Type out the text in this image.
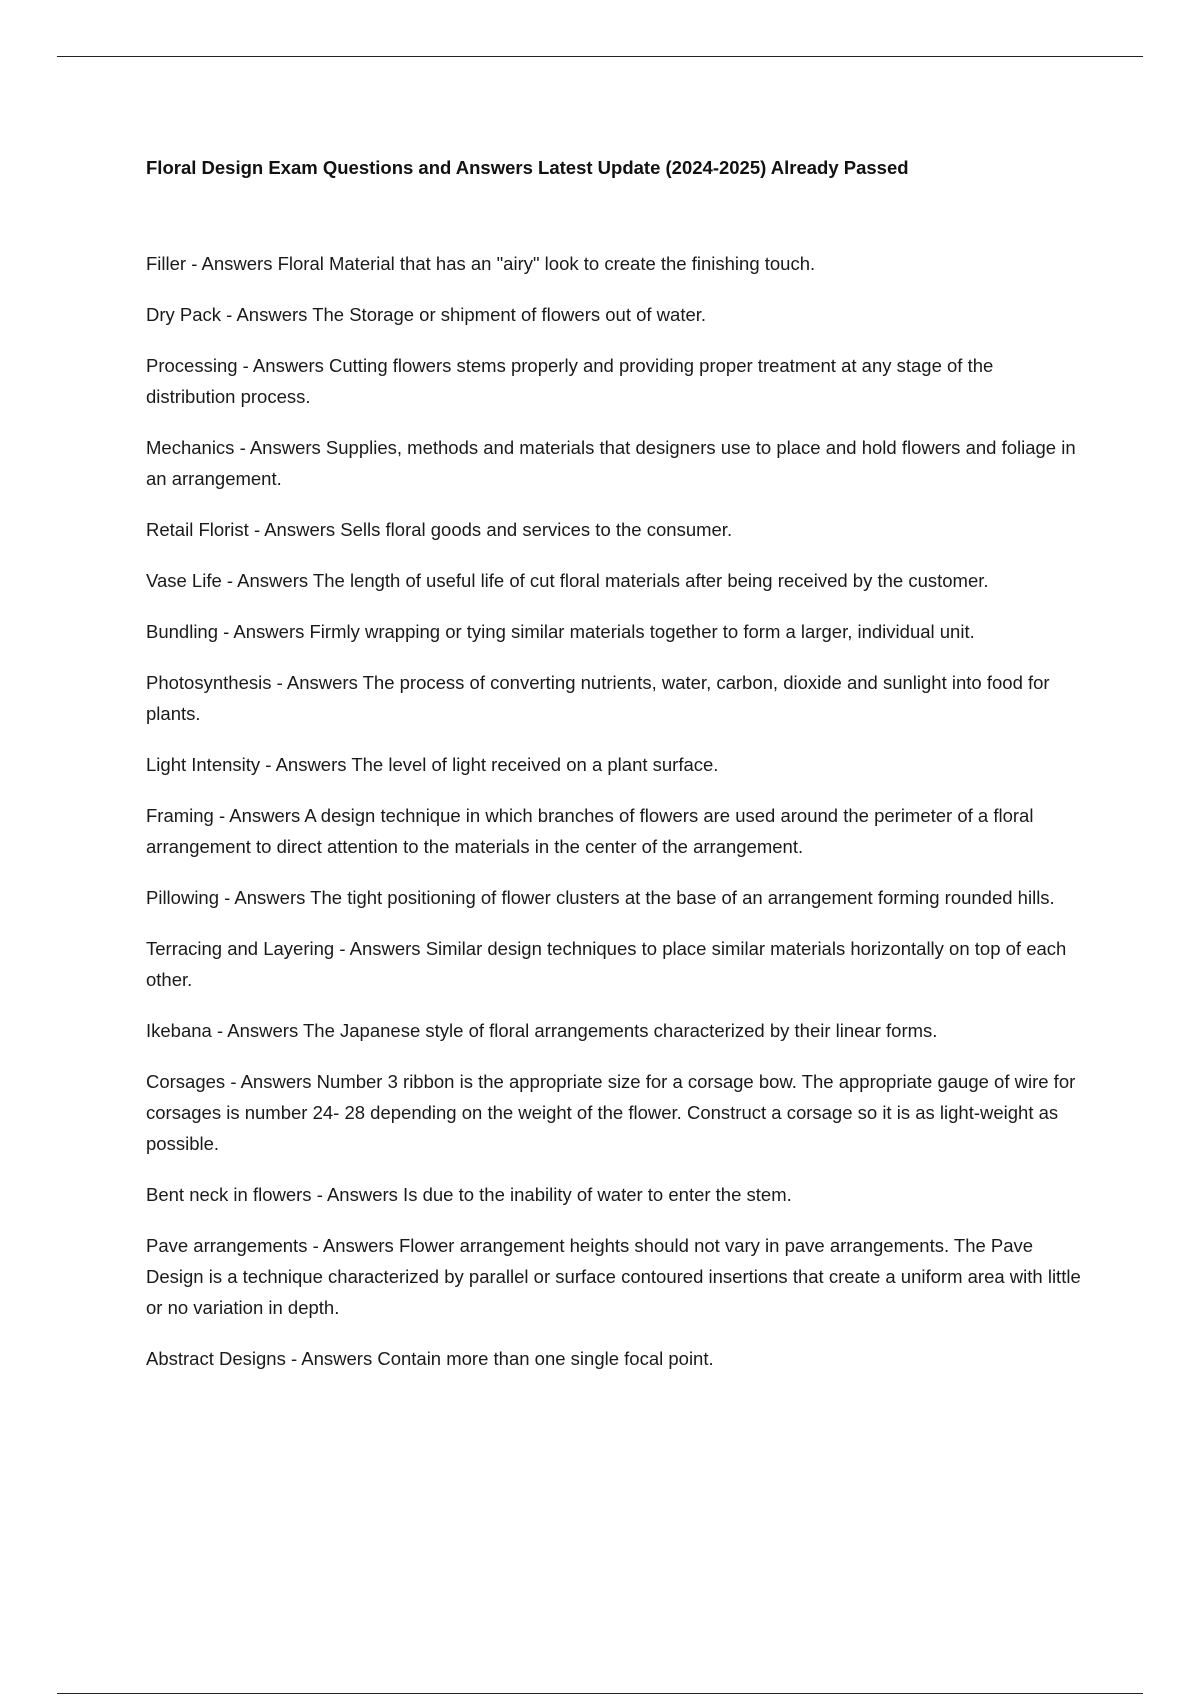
Floral Design Exam Questions and Answers Latest Update (2024-2025) Already Passed
Filler - Answers Floral Material that has an "airy" look to create the finishing touch.
Dry Pack - Answers The Storage or shipment of flowers out of water.
Processing - Answers Cutting flowers stems properly and providing proper treatment at any stage of the distribution process.
Mechanics - Answers Supplies, methods and materials that designers use to place and hold flowers and foliage in an arrangement.
Retail Florist - Answers Sells floral goods and services to the consumer.
Vase Life - Answers The length of useful life of cut floral materials after being received by the customer.
Bundling - Answers Firmly wrapping or tying similar materials together to form a larger, individual unit.
Photosynthesis - Answers The process of converting nutrients, water, carbon, dioxide and sunlight into food for plants.
Light Intensity - Answers The level of light received on a plant surface.
Framing - Answers A design technique in which branches of flowers are used around the perimeter of a floral arrangement to direct attention to the materials in the center of the arrangement.
Pillowing - Answers The tight positioning of flower clusters at the base of an arrangement forming rounded hills.
Terracing and Layering - Answers Similar design techniques to place similar materials horizontally on top of each other.
Ikebana - Answers The Japanese style of floral arrangements characterized by their linear forms.
Corsages - Answers Number 3 ribbon is the appropriate size for a corsage bow. The appropriate gauge of wire for corsages is number 24- 28 depending on the weight of the flower. Construct a corsage so it is as light-weight as possible.
Bent neck in flowers - Answers Is due to the inability of water to enter the stem.
Pave arrangements - Answers Flower arrangement heights should not vary in pave arrangements. The Pave Design is a technique characterized by parallel or surface contoured insertions that create a uniform area with little or no variation in depth.
Abstract Designs - Answers Contain more than one single focal point.
